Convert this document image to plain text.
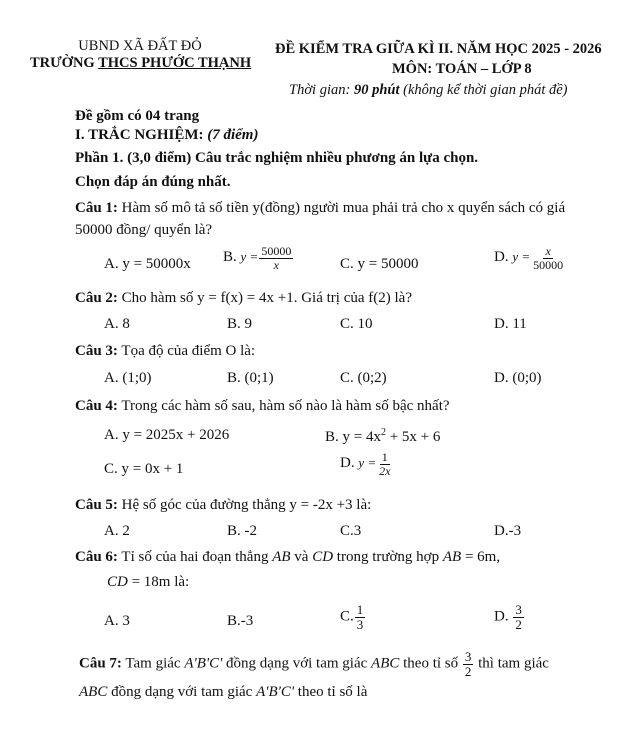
UBND XÃ ĐẤT ĐỎ
TRƯỜNG THCS PHƯỚC THẠNH
ĐỀ KIỂM TRA GIỮA KÌ II. NĂM HỌC 2025 - 2026
MÔN: TOÁN – LỚP 8
Thời gian: 90 phút (không kể thời gian phát đề)
Đề gồm có 04 trang
I. TRẮC NGHIỆM: (7 điểm)
Phần 1. (3,0 điểm) Câu trắc nghiệm nhiều phương án lựa chọn.
Chọn đáp án đúng nhất.
Câu 1: Hàm số mô tả số tiền y(đồng) người mua phải trả cho x quyển sách có giá
50000 đồng/ quyển là?
A. y = 50000x B. $y = \frac{50000}{x}$	C. y = 50000	D. $y = \frac{x}{50000}$
Câu 2: Cho hàm số y = f(x) = 4x +1. Giá trị của f(2) là?
A. 8	B. 9	C. 10	D. 11
Câu 3: Tọa độ của điểm O là:
A. (1;0)	B. (0;1)	C. (0;2)	D. (0;0)
Câu 4: Trong các hàm số sau, hàm số nào là hàm số bậc nhất?
A. y = 2025x + 2026	B. $y = 4x^2 + 5x + 6$
C. y = 0x + 1	D. $y = \frac{1}{2x}$
Câu 5: Hệ số góc của đường thẳng y = -2x +3 là:
A. 2	B. -2	C.3	D.-3
Câu 6: Tỉ số của hai đoạn thẳng AB và CD trong trường hợp AB = 6m,
CD = 18m là:
A. 3	B.-3	C. $\frac{1}{3}$	D. $\frac{3}{2}$
Câu 7: Tam giác A'B'C' đồng dạng với tam giác ABC theo tỉ số $\frac{3}{2}$ thì tam giác
ABC đồng dạng với tam giác A'B'C' theo tỉ số là
